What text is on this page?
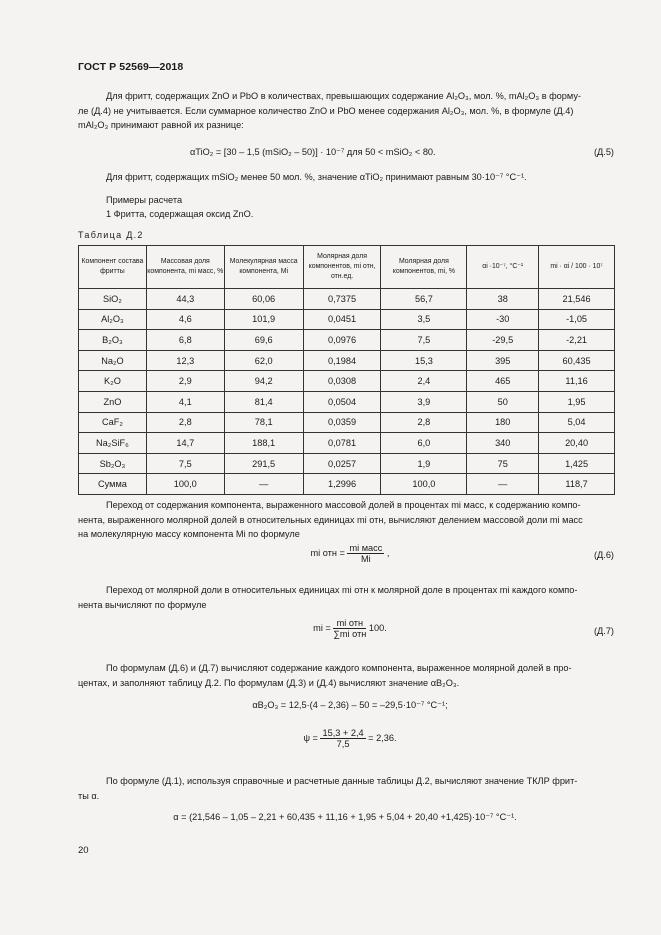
ГОСТ Р 52569—2018
Для фритт, содержащих ZnO и PbO в количествах, превышающих содержание Al₂O₃, мол. %, mAl₂O₃ в форму-
ле (Д.4) не учитывается. Если суммарное количество ZnO и PbO менее содержания Al₂O₃, мол. %, в формуле (Д.4)
mAl₂O₃ принимают равной их разнице:
αTiO₂ = [30 – 1,5 (mSiO₂ – 50)] · 10⁻⁷ для 50 < mSiO₂ < 80.	(Д.5)
Для фритт, содержащих mSiO₂ менее 50 мол. %, значение αTiO₂ принимают равным 30·10⁻⁷ °С⁻¹.
Примеры расчета
1 Фритта, содержащая оксид ZnO.
Таблица Д.2
Компонент состава фритты	Массовая доля компонента, mi масс, %	Молекулярная масса компонента, Mi	Молярная доля компонентов, mi отн, отн.ед.	Молярная доля компонентов, mi, %	αi ·10⁻⁷, °С⁻¹	mi · αi / 100 · 10⁷
SiO₂	44,3	60,06	0,7375	56,7	38	21,546
Al₂O₃	4,6	101,9	0,0451	3,5	-30	-1,05
B₂O₃	6,8	69,6	0,0976	7,5	-29,5	-2,21
Na₂O	12,3	62,0	0,1984	15,3	395	60,435
K₂O	2,9	94,2	0,0308	2,4	465	11,16
ZnO	4,1	81,4	0,0504	3,9	50	1,95
CaF₂	2,8	78,1	0,0359	2,8	180	5,04
Na₂SiF₆	14,7	188,1	0,0781	6,0	340	20,40
Sb₂O₃	7,5	291,5	0,0257	1,9	75	1,425
Сумма	100,0	—	1,2996	100,0	—	118,7
Переход от содержания компонента, выраженного массовой долей в процентах mi масс, к содержанию компо-
нента, выраженного молярной долей в относительных единицах mi отн, вычисляют делением массовой доли mi масс
на молекулярную массу компонента Mi по формуле
mi отн = $\frac{\text{mi масс}}{Mi}$ ,	(Д.6)
Переход от молярной доли в относительных единицах mi отн к молярной доле в процентах mi каждого компо-
нента вычисляют по формуле
mi = $\frac{\text{mi отн}}{\text{∑mi отн}} 100$.	(Д.7)
По формулам (Д.6) и (Д.7) вычисляют содержание каждого компонента, выраженное молярной долей в про-
центах, и заполняют таблицу Д.2. По формулам (Д.3) и (Д.4) вычисляют значение αB₂O₃.
αB₂O₃ = 12,5·(4 – 2,36) – 50 = –29,5·10⁻⁷ °С⁻¹;
$\psi = \frac{15,3 + 2,4}{7,5} = 2,36$.
По формуле (Д.1), используя справочные и расчетные данные таблицы Д.2, вычисляют значение ТКЛР фрит-
ты α.
α = (21,546 – 1,05 – 2,21 + 60,435 + 11,16 + 1,95 + 5,04 + 20,40 +1,425)·10⁻⁷ °С⁻¹.
20
